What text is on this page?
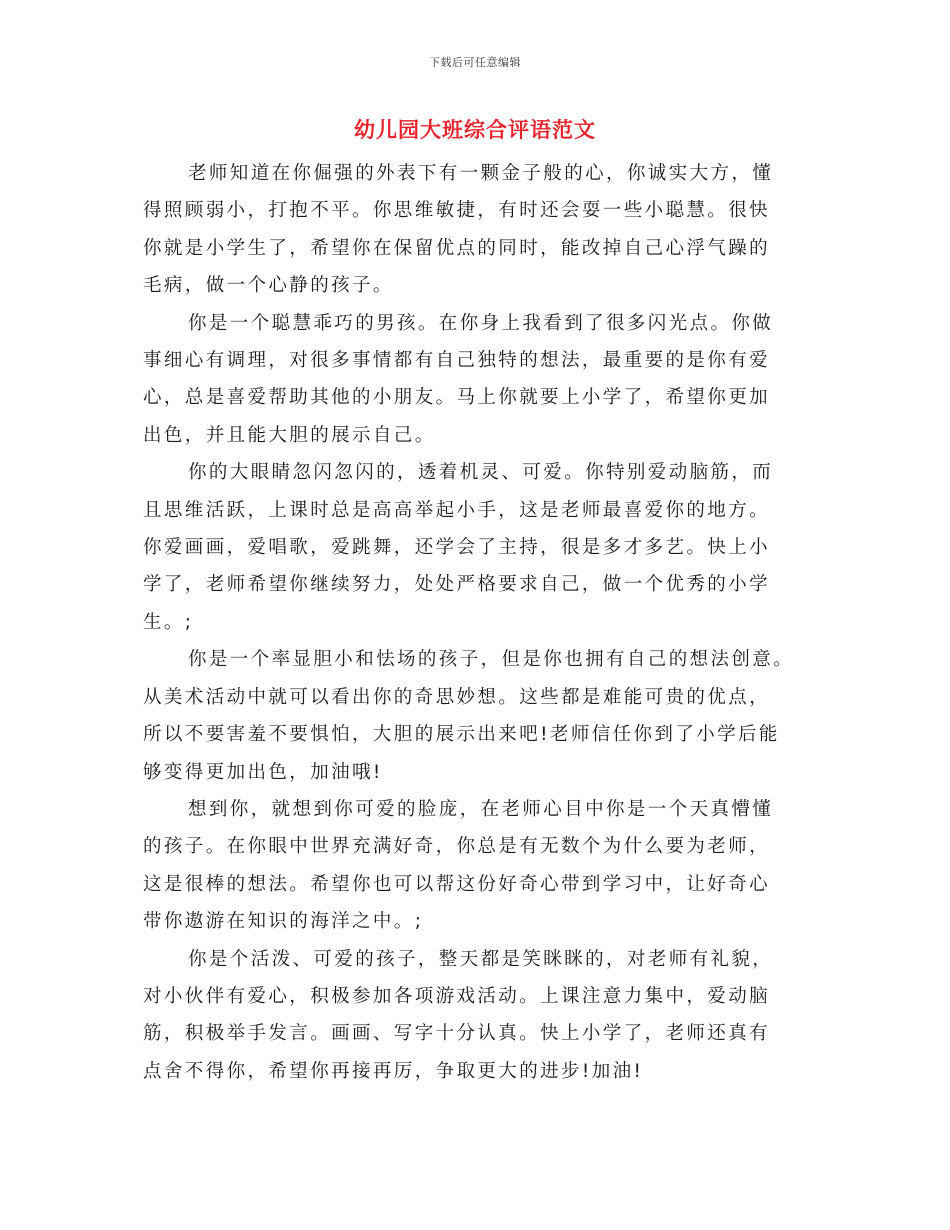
下载后可任意编辑
幼儿园大班综合评语范文
老师知道在你倔强的外表下有一颗金子般的心，你诚实大方，懂
得照顾弱小，打抱不平。你思维敏捷，有时还会耍一些小聪慧。很快
你就是小学生了，希望你在保留优点的同时，能改掉自己心浮气躁的
毛病，做一个心静的孩子。
你是一个聪慧乖巧的男孩。在你身上我看到了很多闪光点。你做
事细心有调理，对很多事情都有自己独特的想法，最重要的是你有爱
心，总是喜爱帮助其他的小朋友。马上你就要上小学了，希望你更加
出色，并且能大胆的展示自己。
你的大眼睛忽闪忽闪的，透着机灵、可爱。你特别爱动脑筋，而
且思维活跃，上课时总是高高举起小手，这是老师最喜爱你的地方。
你爱画画，爱唱歌，爱跳舞，还学会了主持，很是多才多艺。快上小
学了，老师希望你继续努力，处处严格要求自己，做一个优秀的小学
生。;
你是一个率显胆小和怯场的孩子，但是你也拥有自己的想法创意。
从美术活动中就可以看出你的奇思妙想。这些都是难能可贵的优点，
所以不要害羞不要惧怕，大胆的展示出来吧!老师信任你到了小学后能
够变得更加出色，加油哦!
想到你，就想到你可爱的脸庞，在老师心目中你是一个天真懵懂
的孩子。在你眼中世界充满好奇，你总是有无数个为什么要为老师，
这是很棒的想法。希望你也可以帮这份好奇心带到学习中，让好奇心
带你遨游在知识的海洋之中。;
你是个活泼、可爱的孩子，整天都是笑眯眯的，对老师有礼貌，
对小伙伴有爱心，积极参加各项游戏活动。上课注意力集中，爱动脑
筋，积极举手发言。画画、写字十分认真。快上小学了，老师还真有
点舍不得你，希望你再接再厉，争取更大的进步!加油!
